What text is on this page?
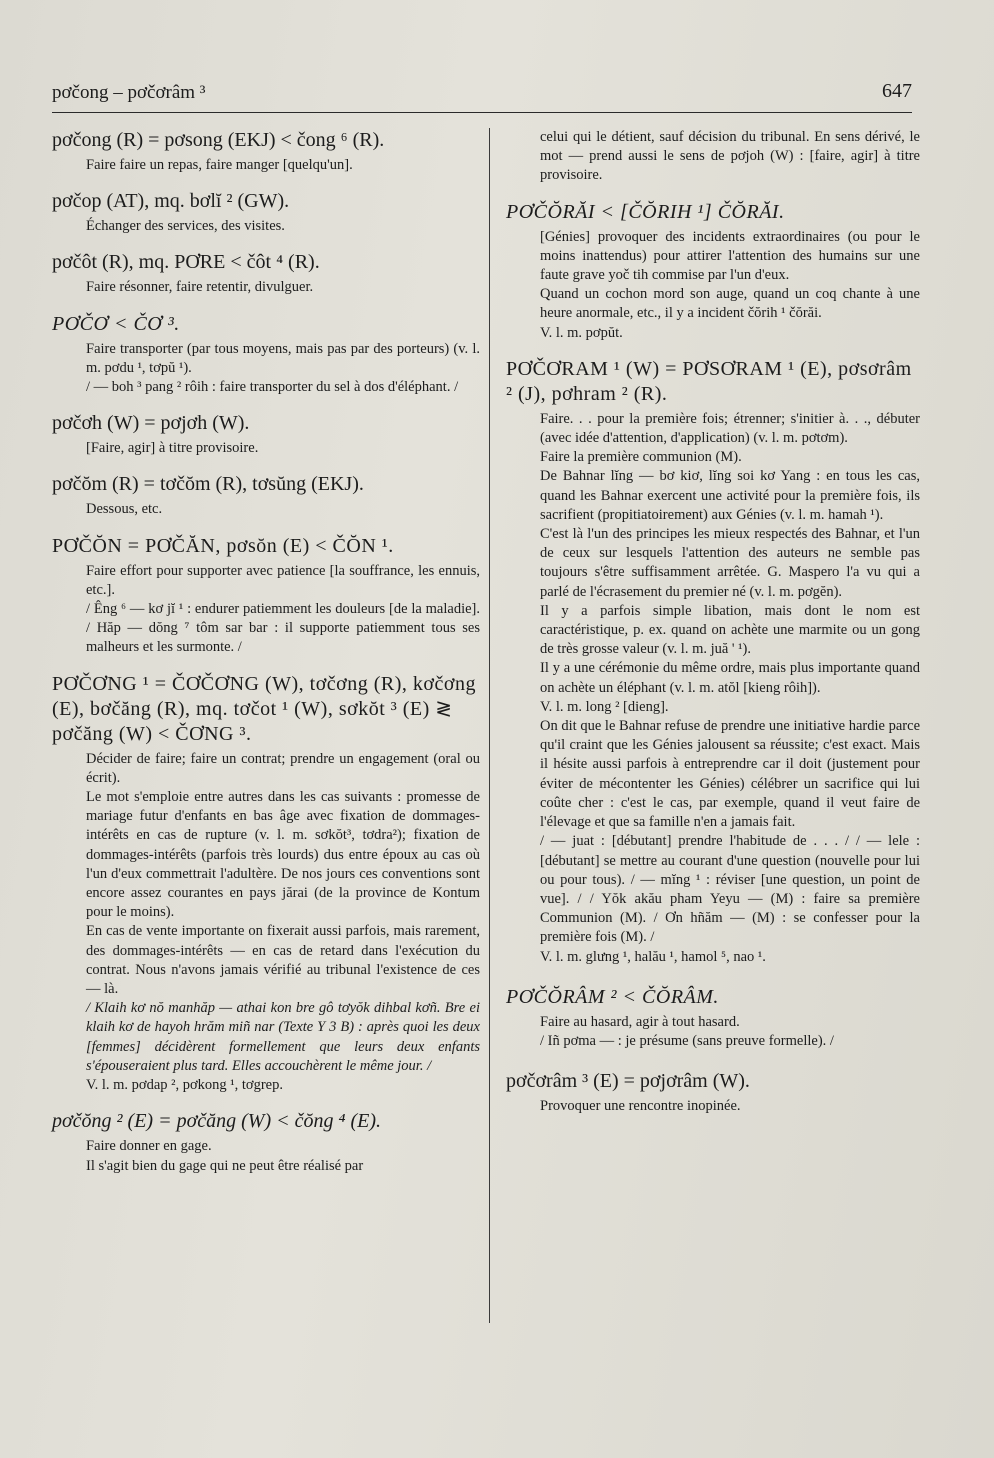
pơčong – pơčơrâm ³	647
pơčong (R) = pơsong (EKJ) < čong ⁶ (R).

Faire faire un repas, faire manger [quelqu'un].

pơčop (AT), mq. bơlĭ ² (GW).

Échanger des services, des visites.

pơčôt (R), mq. PƠRE < čôt ⁴ (R).

Faire résonner, faire retentir, divulguer.

PƠČƠ < ČƠ ³.

Faire transporter (par tous moyens, mais pas par des porteurs) (v. l. m. pơdu ¹, tơpŭ ¹).

/ — boh ³ pang ² rôih : faire transporter du sel à dos d'éléphant. /

pơčơh (W) = pơjơh (W).

[Faire, agir] à titre provisoire.

pơčŏm (R) = tơčŏm (R), tơsŭng (EKJ).

Dessous, etc.

PƠČŎN = PƠČĂN, pơsŏn (E) < ČŎN ¹.

Faire effort pour supporter avec patience [la souffrance, les ennuis, etc.].

/ Êng ⁶ — kơ jĭ ¹ : endurer patiemment les douleurs [de la maladie]. / Hăp — dŏng ⁷ tôm sar bar : il supporte patiemment tous ses malheurs et les surmonte. /

PƠČƠNG ¹ = ČƠČƠNG (W), tơčơng (R), kơčơng (E), bơčăng (R), mq. tơčot ¹ (W), sơkŏt ³ (E) ≷ pơčăng (W) < ČƠNG ³.

Décider de faire; faire un contrat; prendre un engagement (oral ou écrit).

Le mot s'emploie entre autres dans les cas suivants : promesse de mariage futur d'enfants en bas âge avec fixation de dommages-intérêts en cas de rupture (v. l. m. sơkŏt³, tơdra²); fixation de dommages-intérêts (parfois très lourds) dus entre époux au cas où l'un d'eux commettrait l'adultère. De nos jours ces conventions sont encore assez courantes en pays jărai (de la province de Kontum pour le moins).

En cas de vente importante on fixerait aussi parfois, mais rarement, des dommages-intérêts — en cas de retard dans l'exécution du contrat. Nous n'avons jamais vérifié au tribunal l'existence de ces — là.

/ Klaih kơ nŏ manhăp — athai kon bre gô tơyŏk dihbal kơñ. Bre ei klaih kơ de hayoh hrăm miñ nar (Texte Y 3 B) : après quoi les deux [femmes] décidèrent formellement que leurs deux enfants s'épouseraient plus tard. Elles accouchèrent le même jour. /

V. l. m. pơdap ², pơkong ¹, tơgrep.

pơčŏng ² (E) = pơčăng (W) < čŏng ⁴ (E).

Faire donner en gage.

Il s'agit bien du gage qui ne peut être réalisé par

celui qui le détient, sauf décision du tribunal. En sens dérivé, le mot — prend aussi le sens de pơjoh (W) : [faire, agir] à titre provisoire.

PƠČŎRĂI < [ČŎRIH ¹] ČŎRĂI.

[Génies] provoquer des incidents extraordinaires (ou pour le moins inattendus) pour attirer l'attention des humains sur une faute grave yoč tih commise par l'un d'eux.

Quand un cochon mord son auge, quand un coq chante à une heure anormale, etc., il y a incident čŏrih ¹ čŏrăi.

V. l. m. pơpŭt.

PƠČƠRAM ¹ (W) = PƠSƠRAM ¹ (E), pơsơrâm ² (J), pơhram ² (R).

Faire. . . pour la première fois; étrenner; s'initier à. . ., débuter (avec idée d'attention, d'application) (v. l. m. pơtơm).

Faire la première communion (M).

De Bahnar lĭng — bơ kiơ, lĭng soi kơ Yang : en tous les cas, quand les Bahnar exercent une activité pour la première fois, ils sacrifient (propitiatoirement) aux Génies (v. l. m. hamah ¹).

C'est là l'un des principes les mieux respectés des Bahnar, et l'un de ceux sur lesquels l'attention des auteurs ne semble pas toujours s'être suffisamment arrêtée. G. Maspero l'a vu qui a parlé de l'écrasement du premier né (v. l. m. pơgĕn).

Il y a parfois simple libation, mais dont le nom est caractéristique, p. ex. quand on achète une marmite ou un gong de très grosse valeur (v. l. m. juă ' ¹).

Il y a une cérémonie du même ordre, mais plus importante quand on achète un éléphant (v. l. m. atŏl [kieng rôih]).

V. l. m. long ² [dieng].

On dit que le Bahnar refuse de prendre une initiative hardie parce qu'il craint que les Génies jalousent sa réussite; c'est exact. Mais il hésite aussi parfois à entreprendre car il doit (justement pour éviter de mécontenter les Génies) célébrer un sacrifice qui lui coûte cher : c'est le cas, par exemple, quand il veut faire de l'élevage et que sa famille n'en a jamais fait.

/ — juat : [débutant] prendre l'habitude de . . . / / — lele : [débutant] se mettre au courant d'une question (nouvelle pour lui ou pour tous). / — mĭng ¹ : réviser [une question, un point de vue]. / / Yŏk akău pham Yeyu — (M) : faire sa première Communion (M). / Ơn hñăm — (M) : se confesser pour la première fois (M). /

V. l. m. glưng ¹, halău ¹, hamol ⁵, nao ¹.

PƠČŎRÂM ² < ČŎRÂM.

Faire au hasard, agir à tout hasard.

/ Iñ pơma — : je présume (sans preuve formelle). /

pơčơrâm ³ (E) = pơjơrâm (W).

Provoquer une rencontre inopinée.
